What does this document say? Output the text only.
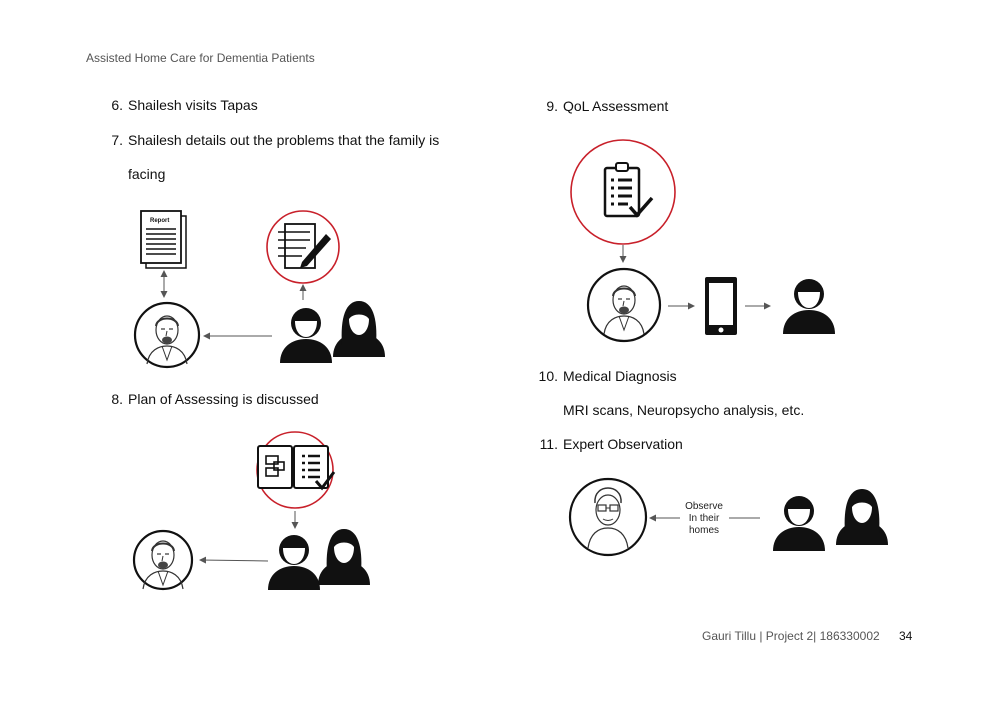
Assisted Home Care for Dementia Patients
6. Shailesh visits Tapas
7. Shailesh details out the problems that the family is
facing
8. Plan of Assessing is discussed
9. QoL Assessment
10. Medical Diagnosis
MRI scans, Neuropsycho analysis, etc.
11. Expert Observation
Report
Observe
In their
homes
Gauri Tillu | Project 2| 186330002 34
